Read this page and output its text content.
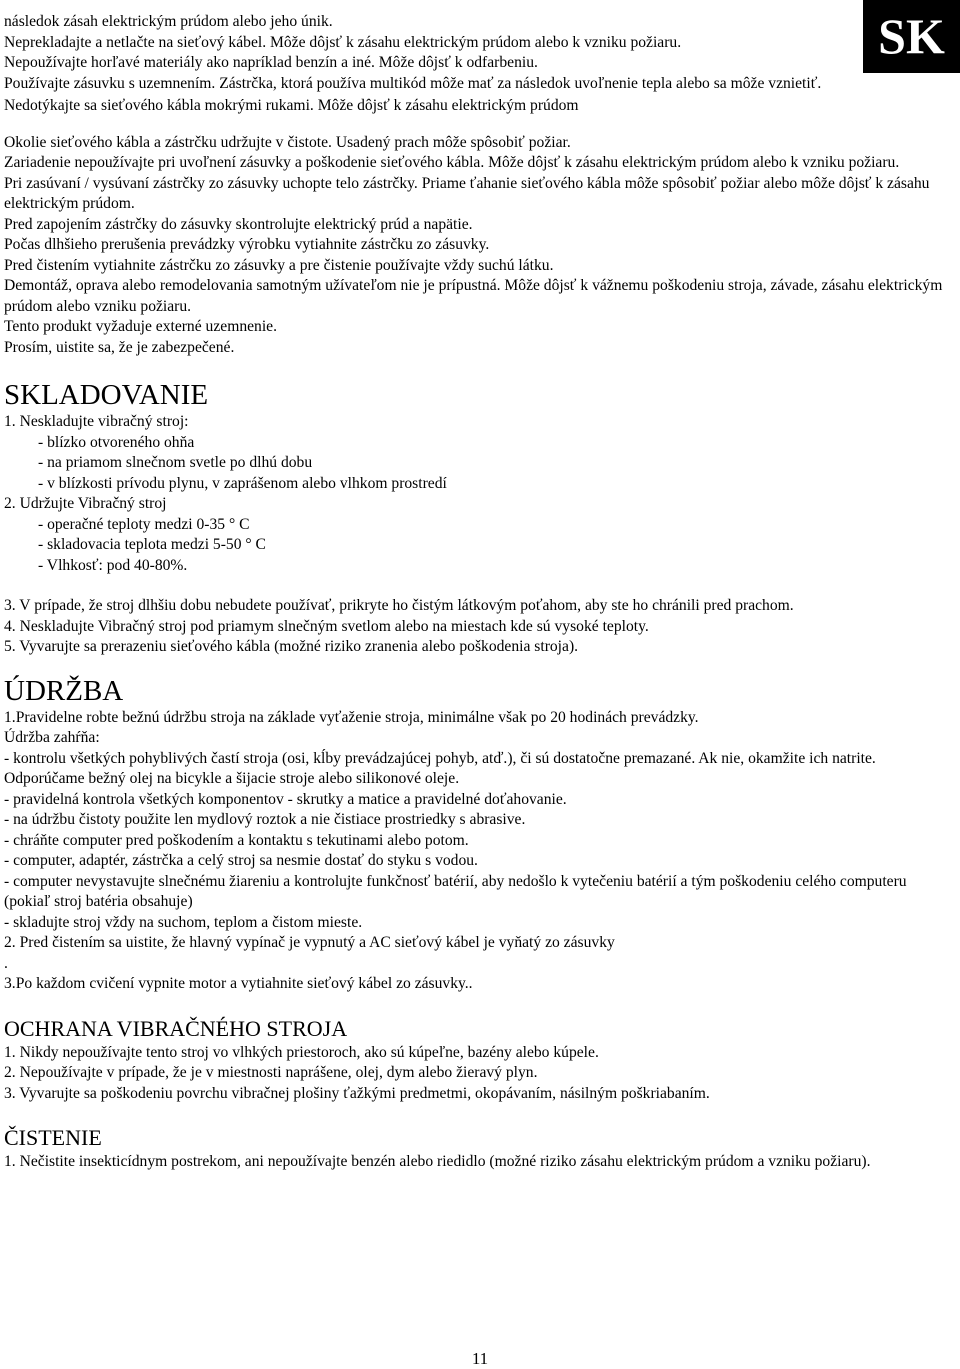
SK

následok zásah elektrickým prúdom alebo jeho únik.

Neprekladajte a netlačte na sieťový kábel. Môže dôjsť k zásahu elektrickým prúdom alebo k vzniku požiaru.

Nepoužívajte horľavé materiály ako napríklad benzín a iné. Môže dôjsť k odfarbeniu.

Používajte zásuvku s uzemnením. Zástrčka, ktorá používa multikód môže mať za následok uvoľnenie tepla alebo sa môže vznietiť.

Nedotýkajte sa sieťového kábla mokrými rukami. Môže dôjsť k zásahu elektrickým prúdom

Okolie sieťového kábla a zástrčku udržujte v čistote. Usadený prach môže spôsobiť požiar.

Zariadenie nepoužívajte pri uvoľnení zásuvky a poškodenie sieťového kábla. Môže dôjsť k zásahu elektrickým prúdom alebo k vzniku požiaru.

Pri zasúvaní / vysúvaní zástrčky zo zásuvky uchopte telo zástrčky. Priame ťahanie sieťového kábla môže spôsobiť požiar alebo môže dôjsť k zásahu elektrickým prúdom.

Pred zapojením zástrčky do zásuvky skontrolujte elektrický prúd a napätie.

Počas dlhšieho prerušenia prevádzky výrobku vytiahnite zástrčku zo zásuvky.

Pred čistením vytiahnite zástrčku zo zásuvky a pre čistenie používajte vždy suchú látku.

Demontáž, oprava alebo remodelovania samotným užívateľom nie je prípustná. Môže dôjsť k vážnemu poškodeniu stroja, závade, zásahu elektrickým prúdom alebo vzniku požiaru.

Tento produkt vyžaduje externé uzemnenie.

Prosím, uistite sa, že je zabezpečené.

SKLADOVANIE

1. Neskladujte vibračný stroj:

- blízko otvoreného ohňa

- na priamom slnečnom svetle po dlhú dobu

- v blízkosti prívodu plynu, v zaprášenom alebo vlhkom prostredí

2. Udržujte Vibračný stroj

- operačné teploty medzi 0-35 ° C

- skladovacia teplota medzi 5-50 ° C

- Vlhkosť: pod 40-80%.

3. V prípade, že stroj dlhšiu dobu nebudete používať, prikryte ho čistým látkovým poťahom, aby ste ho chránili pred prachom.

4. Neskladujte Vibračný stroj pod priamym slnečným svetlom alebo na miestach kde sú vysoké teploty.

5. Vyvarujte sa prerazeniu sieťového kábla (možné riziko zranenia alebo poškodenia stroja).

ÚDRŽBA

1.Pravidelne robte bežnú údržbu stroja na základe vyťaženie stroja, minimálne však po 20 hodinách prevádzky.

Údržba zahŕňa:

- kontrolu všetkých pohyblivých častí stroja (osi, kĺby prevádzajúcej pohyb, atď.), či sú dostatočne premazané. Ak nie, okamžite ich natrite. Odporúčame bežný olej na bicykle a šijacie stroje alebo silikonové oleje.

- pravidelná kontrola všetkých komponentov - skrutky a matice a pravidelné doťahovanie.

- na údržbu čistoty použite len mydlový roztok a nie čistiace prostriedky s abrasive.

- chráňte computer pred poškodením a kontaktu s tekutinami alebo potom.

- computer, adaptér, zástrčka a celý stroj sa nesmie dostať do styku s vodou.

- computer nevystavujte slnečnému žiareniu a kontrolujte funkčnosť batérií, aby nedošlo k vytečeniu batérií a tým poškodeniu celého computeru (pokiaľ stroj batéria obsahuje)

- skladujte stroj vždy na suchom, teplom a čistom mieste.

2. Pred čistením sa uistite, že hlavný vypínač je vypnutý a AC sieťový kábel je vyňatý zo zásuvky

.

3.Po každom cvičení vypnite motor a vytiahnite sieťový kábel zo zásuvky..

OCHRANA VIBRAČNÉHO STROJA

1. Nikdy nepoužívajte tento stroj vo vlhkých priestoroch, ako sú kúpeľne, bazény alebo kúpele.

2. Nepoužívajte v prípade, že je v miestnosti naprášene, olej, dym alebo žieravý plyn.

3. Vyvarujte sa poškodeniu povrchu vibračnej plošiny ťažkými predmetmi, okopávaním, násilným poškriabaním.

ČISTENIE

1. Nečistite insekticídnym postrekom, ani nepoužívajte benzén alebo riedidlo (možné riziko zásahu elektrickým prúdom a vzniku požiaru).

11
